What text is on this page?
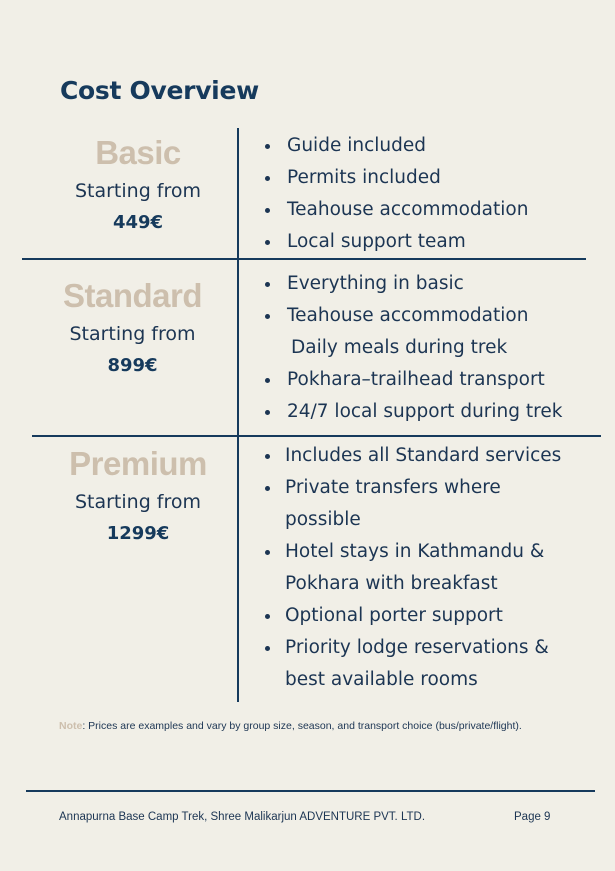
Cost Overview
Basic
Starting from
449€
Guide included
Permits included
Teahouse accommodation
Local support team
Standard
Starting from
899€
Everything in basic
Teahouse accommodation
Daily meals during trek
Pokhara–trailhead transport
24/7 local support during trek
Premium
Starting from
1299€
Includes all Standard services
Private transfers where
possible
Hotel stays in Kathmandu &
Pokhara with breakfast
Optional porter support
Priority lodge reservations &
best available rooms
Note: Prices are examples and vary by group size, season, and transport choice (bus/private/flight).
Annapurna Base Camp Trek, Shree Malikarjun ADVENTURE PVT. LTD.	Page 9
